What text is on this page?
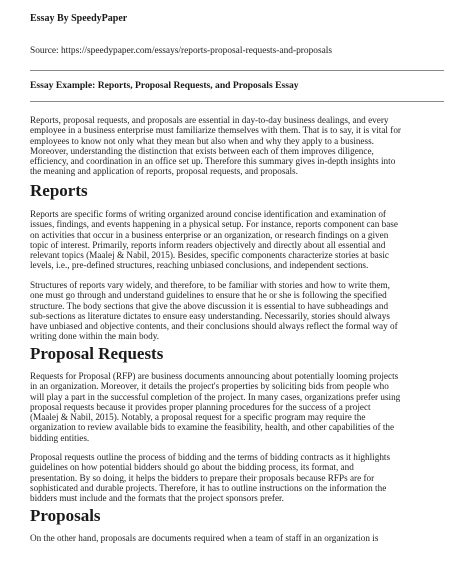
Essay By SpeedyPaper
Source: https://speedypaper.com/essays/reports-proposal-requests-and-proposals
Essay Example: Reports, Proposal Requests, and Proposals Essay

Reports, proposal requests, and proposals are essential in day-to-day business dealings, and every
employee in a business enterprise must familiarize themselves with them. That is to say, it is vital for
employees to know not only what they mean but also when and why they apply to a business.
Moreover, understanding the distinction that exists between each of them improves diligence,
efficiency, and coordination in an office set up. Therefore this summary gives in-depth insights into
the meaning and application of reports, proposal requests, and proposals.

Reports

Reports are specific forms of writing organized around concise identification and examination of
issues, findings, and events happening in a physical setup. For instance, reports component can base
on activities that occur in a business enterprise or an organization, or research findings on a given
topic of interest. Primarily, reports inform readers objectively and directly about all essential and
relevant topics (Maalej & Nabil, 2015). Besides, specific components characterize stories at basic
levels, i.e., pre-defined structures, reaching unbiased conclusions, and independent sections.

Structures of reports vary widely, and therefore, to be familiar with stories and how to write them,
one must go through and understand guidelines to ensure that he or she is following the specified
structure. The body sections that give the above discussion it is essential to have subheadings and
sub-sections as literature dictates to ensure easy understanding. Necessarily, stories should always
have unbiased and objective contents, and their conclusions should always reflect the formal way of
writing done within the main body.

Proposal Requests

Requests for Proposal (RFP) are business documents announcing about potentially looming projects
in an organization. Moreover, it details the project's properties by soliciting bids from people who
will play a part in the successful completion of the project. In many cases, organizations prefer using
proposal requests because it provides proper planning procedures for the success of a project
(Maalej & Nabil, 2015). Notably, a proposal request for a specific program may require the
organization to review available bids to examine the feasibility, health, and other capabilities of the
bidding entities.

Proposal requests outline the process of bidding and the terms of bidding contracts as it highlights
guidelines on how potential bidders should go about the bidding process, its format, and
presentation. By so doing, it helps the bidders to prepare their proposals because RFPs are for
sophisticated and durable projects. Therefore, it has to outline instructions on the information the
bidders must include and the formats that the project sponsors prefer.

Proposals

On the other hand, proposals are documents required when a team of staff in an organization is
